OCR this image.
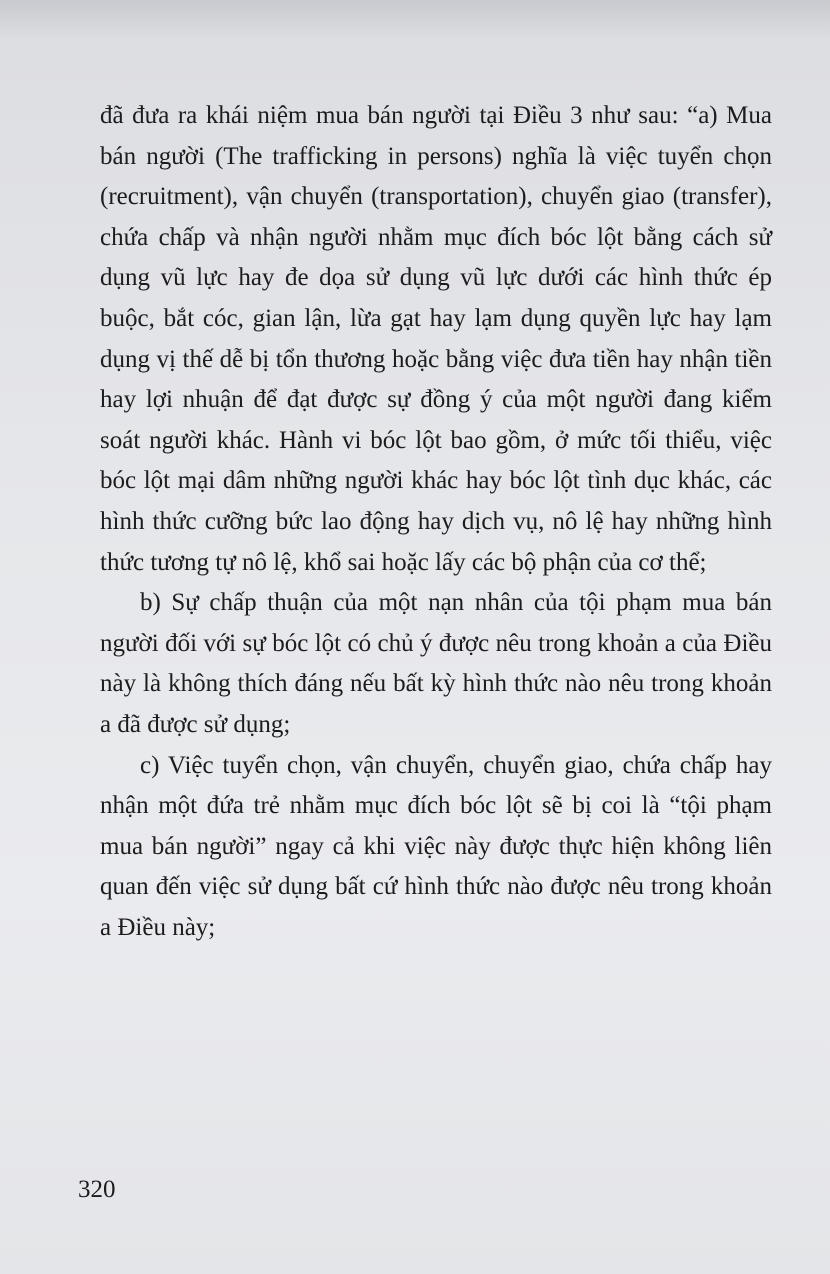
đã đưa ra khái niệm mua bán người tại Điều 3 như sau: “a) Mua bán người (The trafficking in persons) nghĩa là việc tuyển chọn (recruitment), vận chuyển (transportation), chuyển giao (transfer), chứa chấp và nhận người nhằm mục đích bóc lột bằng cách sử dụng vũ lực hay đe dọa sử dụng vũ lực dưới các hình thức ép buộc, bắt cóc, gian lận, lừa gạt hay lạm dụng quyền lực hay lạm dụng vị thế dễ bị tổn thương hoặc bằng việc đưa tiền hay nhận tiền hay lợi nhuận để đạt được sự đồng ý của một người đang kiểm soát người khác. Hành vi bóc lột bao gồm, ở mức tối thiểu, việc bóc lột mại dâm những người khác hay bóc lột tình dục khác, các hình thức cưỡng bức lao động hay dịch vụ, nô lệ hay những hình thức tương tự nô lệ, khổ sai hoặc lấy các bộ phận của cơ thể;

b) Sự chấp thuận của một nạn nhân của tội phạm mua bán người đối với sự bóc lột có chủ ý được nêu trong khoản a của Điều này là không thích đáng nếu bất kỳ hình thức nào nêu trong khoản a đã được sử dụng;

c) Việc tuyển chọn, vận chuyển, chuyển giao, chứa chấp hay nhận một đứa trẻ nhằm mục đích bóc lột sẽ bị coi là “tội phạm mua bán người” ngay cả khi việc này được thực hiện không liên quan đến việc sử dụng bất cứ hình thức nào được nêu trong khoản a Điều này;

320
